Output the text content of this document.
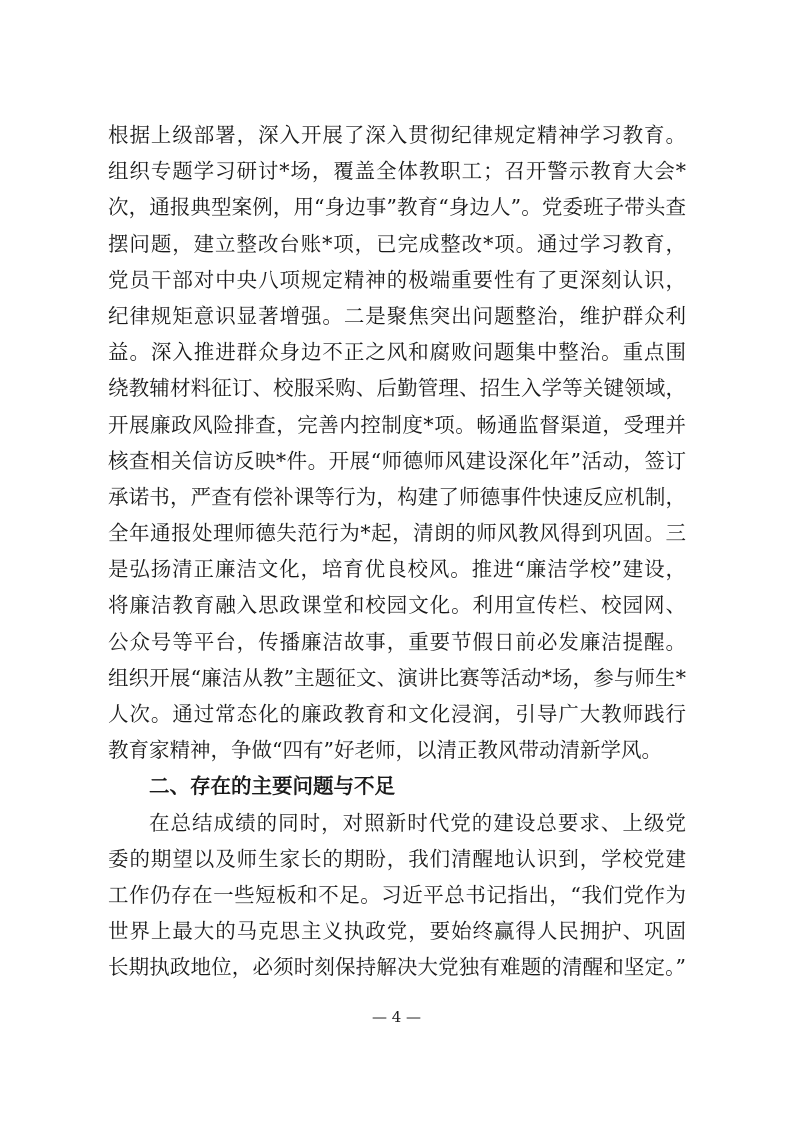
根据上级部署，深入开展了深入贯彻纪律规定精神学习教育。
组织专题学习研讨*场，覆盖全体教职工；召开警示教育大会*
次，通报典型案例，用“身边事”教育“身边人”。党委班子带头查
摆问题，建立整改台账*项，已完成整改*项。通过学习教育，
党员干部对中央八项规定精神的极端重要性有了更深刻认识，
纪律规矩意识显著增强。二是聚焦突出问题整治，维护群众利
益。深入推进群众身边不正之风和腐败问题集中整治。重点围
绕教辅材料征订、校服采购、后勤管理、招生入学等关键领域，
开展廉政风险排查，完善内控制度*项。畅通监督渠道，受理并
核查相关信访反映*件。开展“师德师风建设深化年”活动，签订
承诺书，严查有偿补课等行为，构建了师德事件快速反应机制，
全年通报处理师德失范行为*起，清朗的师风教风得到巩固。三
是弘扬清正廉洁文化，培育优良校风。推进“廉洁学校”建设，
将廉洁教育融入思政课堂和校园文化。利用宣传栏、校园网、
公众号等平台，传播廉洁故事，重要节假日前必发廉洁提醒。
组织开展“廉洁从教”主题征文、演讲比赛等活动*场，参与师生*
人次。通过常态化的廉政教育和文化浸润，引导广大教师践行
教育家精神，争做“四有”好老师，以清正教风带动清新学风。
二、存在的主要问题与不足
在总结成绩的同时，对照新时代党的建设总要求、上级党
委的期望以及师生家长的期盼，我们清醒地认识到，学校党建
工作仍存在一些短板和不足。习近平总书记指出，“我们党作为
世界上最大的马克思主义执政党，要始终赢得人民拥护、巩固
长期执政地位，必须时刻保持解决大党独有难题的清醒和坚定。”
— 4 —
